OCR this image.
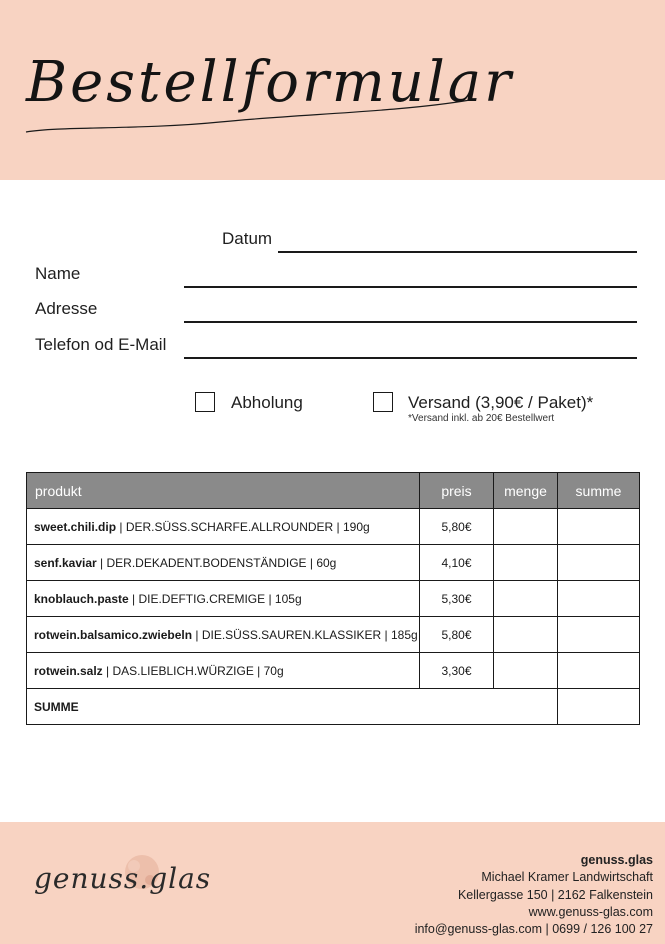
Bestellformular
Datum
Name
Adresse
Telefon od E-Mail
Abholung	Versand (3,90€ / Paket)*
*Versand inkl. ab 20€ Bestellwert
produkt	preis	menge	summe
sweet.chili.dip | DER.SÜSS.SCHARFE.ALLROUNDER | 190g	5,80€		
senf.kaviar | DER.DEKADENT.BODENSTÄNDIGE | 60g	4,10€		
knoblauch.paste | DIE.DEFTIG.CREMIGE | 105g	5,30€		
rotwein.balsamico.zwiebeln | DIE.SÜSS.SAUREN.KLASSIKER | 185g	5,80€		
rotwein.salz | DAS.LIEBLICH.WÜRZIGE | 70g	3,30€		
SUMME			
genuss.glas
genuss.glas
Michael Kramer Landwirtschaft
Kellergasse 150 | 2162 Falkenstein
www.genuss-glas.com
info@genuss-glas.com | 0699 / 126 100 27
